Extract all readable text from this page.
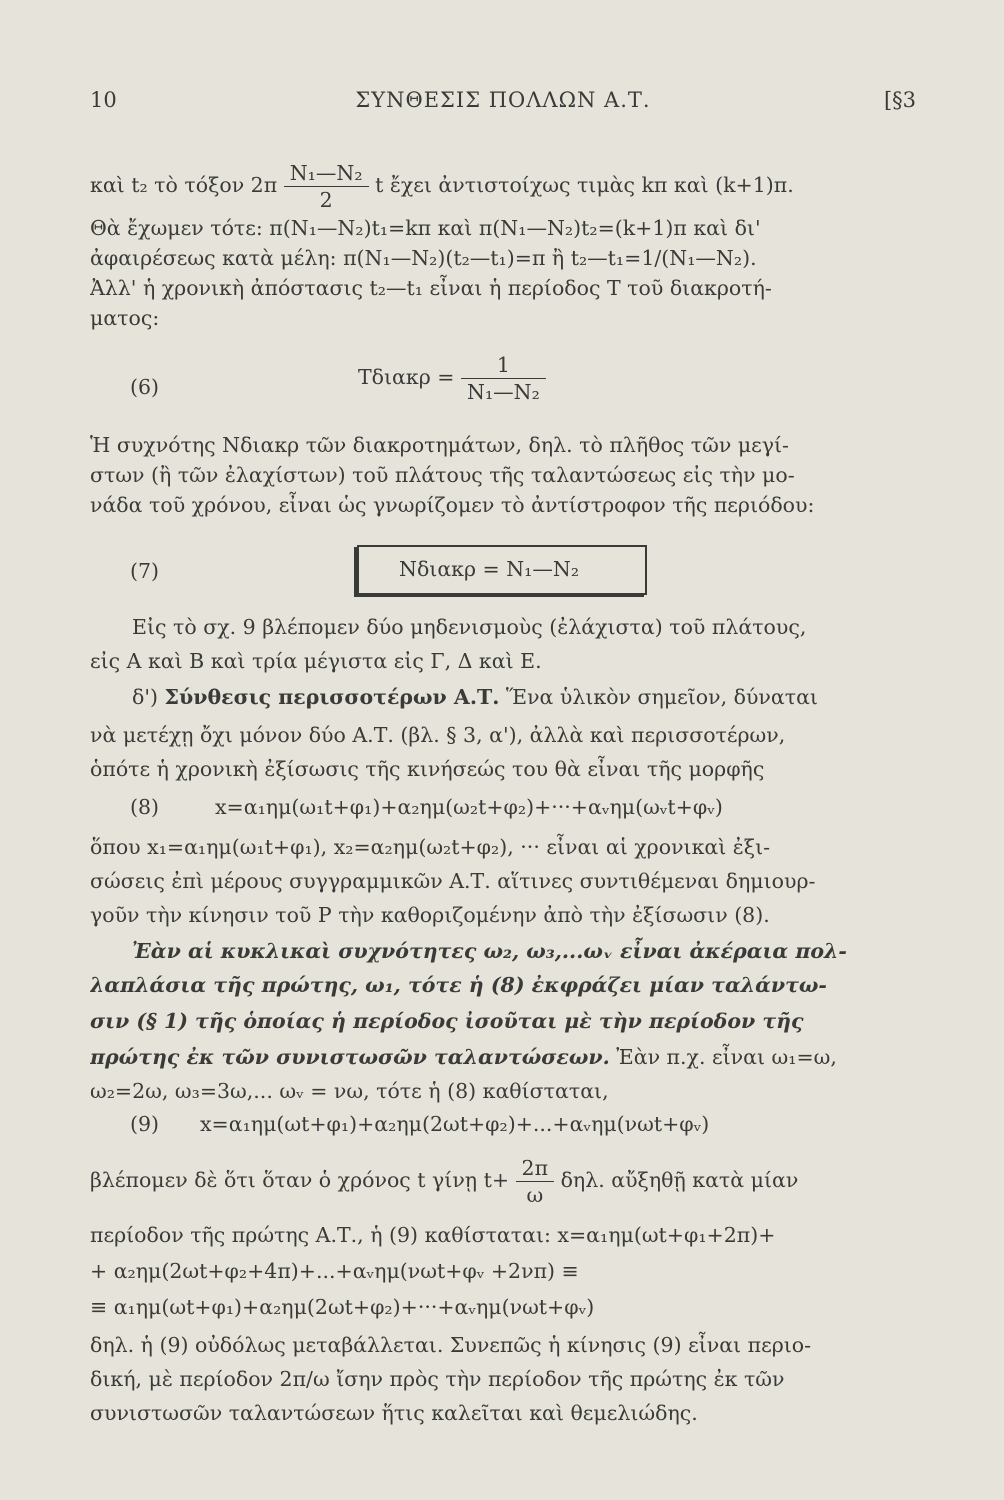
10	ΣΥΝΘΕΣΙΣ ΠΟΛΛΩΝ Α.Τ.	[§3
καὶ t₂ τὸ τόξον $2\pi \frac{\text{N₁—N₂}}{2}$ t ἔχει ἀντιστοίχως τιμὰς kπ καὶ (k+1)π.
Θὰ ἔχωμεν τότε: π(N₁—N₂)t₁=kπ καὶ π(N₁—N₂)t₂=(k+1)π καὶ δι'
ἀφαιρέσεως κατὰ μέλη: π(N₁—N₂)(t₂—t₁)=π ἢ t₂—t₁=1/(N₁—N₂).
Ἀλλ' ἡ χρονικὴ ἀπόστασις t₂—t₁ εἶναι ἡ περίοδος T τοῦ διακροτή-
ματος:
(6)	$T\delta\iota\alpha\kappa\rho = \frac{1}{\text{N₁—N₂}}$
Ἡ συχνότης Nδιακρ τῶν διακροτημάτων, δηλ. τὸ πλῆθος τῶν μεγί-
στων (ἢ τῶν ἐλαχίστων) τοῦ πλάτους τῆς ταλαντώσεως εἰς τὴν μο-
νάδα τοῦ χρόνου, εἶναι ὡς γνωρίζομεν τὸ ἀντίστροφον τῆς περιόδου:
(7)	Nδιακρ = N₁—N₂
Εἰς τὸ σχ. 9 βλέπομεν δύο μηδενισμοὺς (ἐλάχιστα) τοῦ πλάτους,
εἰς A καὶ B καὶ τρία μέγιστα εἰς Γ, Δ καὶ E.
δ') Σύνθεσις περισσοτέρων Α.Τ. Ἕνα ὑλικὸν σημεῖον, δύναται
νὰ μετέχῃ ὄχι μόνον δύο Α.Τ. (βλ. § 3, α'), ἀλλὰ καὶ περισσοτέρων,
ὁπότε ἡ χρονικὴ ἐξίσωσις τῆς κινήσεώς του θὰ εἶναι τῆς μορφῆς
(8)	x=α₁ημ(ω₁t+φ₁)+α₂ημ(ω₂t+φ₂)+···+αᵥημ(ωᵥt+φᵥ)
ὅπου x₁=α₁ημ(ω₁t+φ₁), x₂=α₂ημ(ω₂t+φ₂), ··· εἶναι αἱ χρονικαὶ ἐξι-
σώσεις ἐπὶ μέρους συγγραμμικῶν Α.Τ. αἵτινες συντιθέμεναι δημιουρ-
γοῦν τὴν κίνησιν τοῦ P τὴν καθοριζομένην ἀπὸ τὴν ἐξίσωσιν (8).
Ἐὰν αἱ κυκλικαὶ συχνότητες ω₂, ω₃,...ωᵥ εἶναι ἀκέραια πολ-
λαπλάσια τῆς πρώτης, ω₁, τότε ἡ (8) ἐκφράζει μίαν ταλάντω-
σιν (§ 1) τῆς ὁποίας ἡ περίοδος ἰσοῦται μὲ τὴν περίοδον τῆς
πρώτης ἐκ τῶν συνιστωσῶν ταλαντώσεων. Ἐὰν π.χ. εἶναι ω₁=ω,
ω₂=2ω, ω₃=3ω,... ωᵥ = νω, τότε ἡ (8) καθίσταται,
(9) x=α₁ημ(ωt+φ₁)+α₂ημ(2ωt+φ₂)+...+αᵥημ(νωt+φᵥ)
βλέπομεν δὲ ὅτι ὅταν ὁ χρόνος t γίνῃ $t+ \frac{2\pi}{\omega} \delta\eta\lambda$. αὔξηθῇ κατὰ μίαν
περίοδον τῆς πρώτης Α.Τ., ἡ (9) καθίσταται: x=α₁ημ(ωt+φ₁+2π)+
+ α₂ημ(2ωt+φ₂+4π)+...+αᵥημ(νωt+φᵥ +2νπ) ≡
≡ α₁ημ(ωt+φ₁)+α₂ημ(2ωt+φ₂)+···+αᵥημ(νωt+φᵥ)
δηλ. ἡ (9) οὐδόλως μεταβάλλεται. Συνεπῶς ἡ κίνησις (9) εἶναι περιο-
δική, μὲ περίοδον 2π/ω ἴσην πρὸς τὴν περίοδον τῆς πρώτης ἐκ τῶν
συνιστωσῶν ταλαντώσεων ἥτις καλεῖται καὶ θεμελιώδης.
